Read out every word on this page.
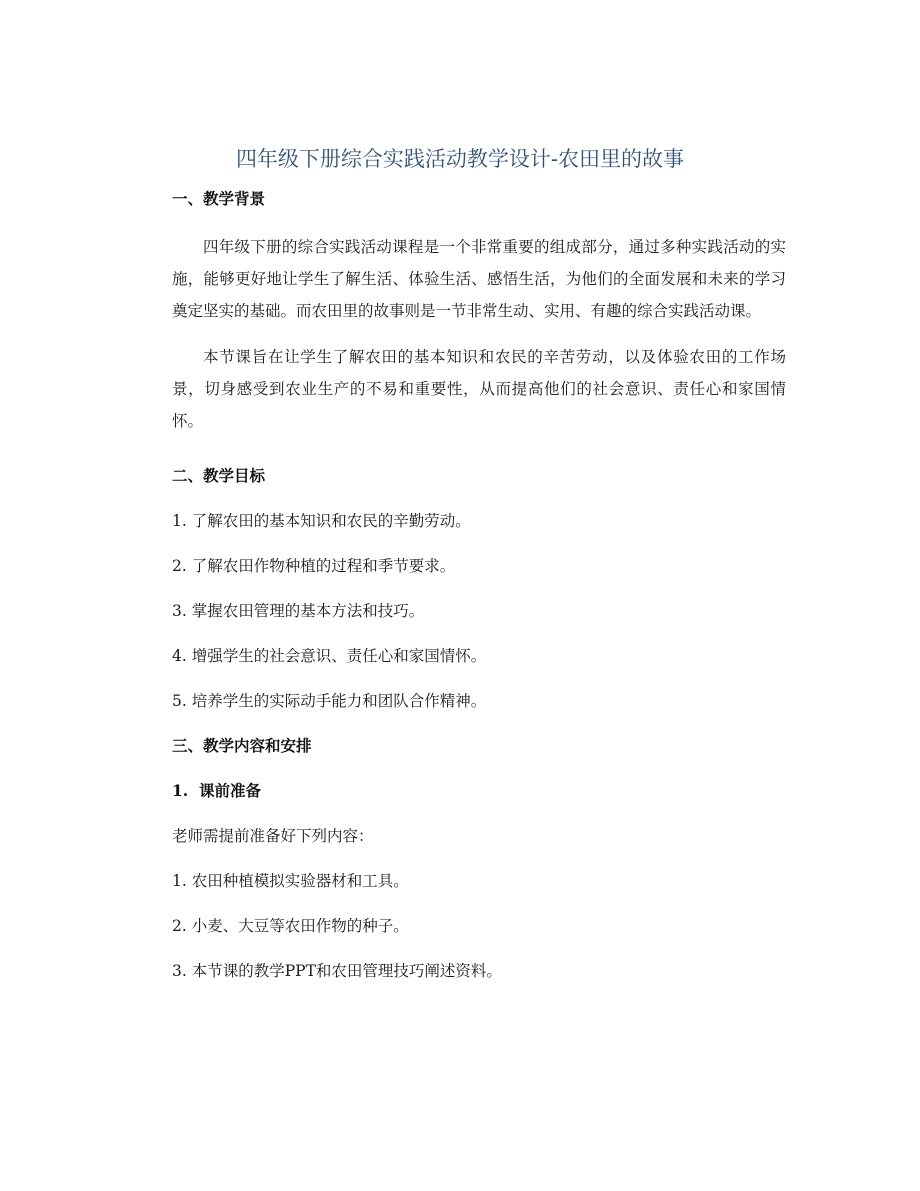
四年级下册综合实践活动教学设计-农田里的故事

一、教学背景

四年级下册的综合实践活动课程是一个非常重要的组成部分，通过多种实践活动的实施，能够更好地让学生了解生活、体验生活、感悟生活，为他们的全面发展和未来的学习奠定坚实的基础。而农田里的故事则是一节非常生动、实用、有趣的综合实践活动课。

本节课旨在让学生了解农田的基本知识和农民的辛苦劳动，以及体验农田的工作场景，切身感受到农业生产的不易和重要性，从而提高他们的社会意识、责任心和家国情怀。

二、教学目标

1. 了解农田的基本知识和农民的辛勤劳动。

2. 了解农田作物种植的过程和季节要求。

3. 掌握农田管理的基本方法和技巧。

4. 增强学生的社会意识、责任心和家国情怀。

5. 培养学生的实际动手能力和团队合作精神。

三、教学内容和安排

1.  课前准备

老师需提前准备好下列内容：

1. 农田种植模拟实验器材和工具。

2. 小麦、大豆等农田作物的种子。

3. 本节课的教学PPT和农田管理技巧阐述资料。
